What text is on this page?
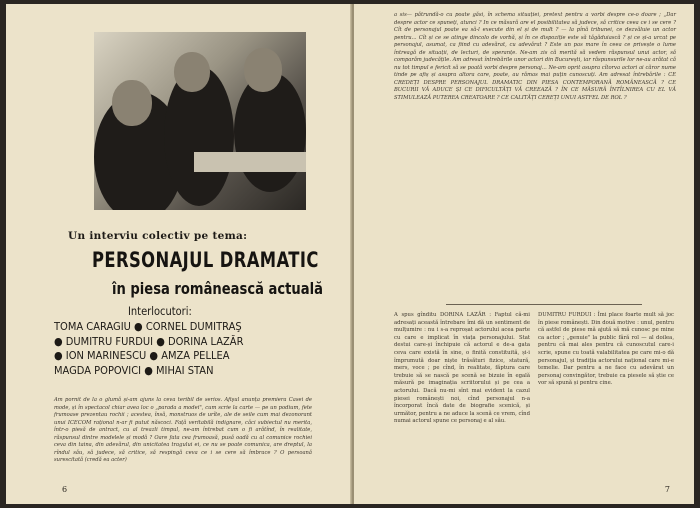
Un interviu colectiv pe tema:
PERSONAJUL DRAMATIC
în piesa românească actuală
Interlocutori:
TOMA CARAGIU ● CORNEL DUMITRAŞ
● DUMITRU FURDUI ● DORINA LAZĂR
● ION MARINESCU ● AMZA PELLEA
MAGDA POPOVICI ● MIHAI STAN
Am pornit de la o glumă și-am ajuns la ceva teribil de serios. Afişul anunța premiera Casei de mode, și în spectacol chiar avea loc o „parada a modei", cum scrie la carte — pe un podium, fete frumoase prezentau rochii ; acestea, însă, monstruos de urîte, ale de seile cum mai dezonorant unui ICECOM rațional n-ar fi putut născoci. Față veritabilă indignare, căci subiectul nu merita, într-o piesă de antract, cu al treazli timpul, ne-am întrebat cum o fi arătînd, în realitate, răspunsul dintre modelele și modă ? Oare fata cea frumoasă, pusă oadă cu al comunice rochiei ceva din taina, din adevărul, din unicitatea tragului ei, ce nu se poate comunica, are dreptul, la rîndul său, să judece, să critice, să respingă ceva ce i se cere să îmbrace ? O persoană surescitată (credă ea acter)
6
a sis— pătrundă-o cu poate găsi, în schema situației, pretext pentru a vorbi despre ce-o doare ; „Dar despre actor ce spuneți, atunci ? In ce măsură are el posibilitatea să judece, să critice ceea ce i se cere ? Cît de personajul poate ea să-l execute din el și de mult ? — la pînă tribunei, ce dezvăluie un actor pentru... Cît și ce se atinge dincolo de vorbă, și în ce dispoziție este să tăgăduiască ? și ce și-a urcat pe personajul, asumat, ca fiind cu adevărat, cu adevărat ? Este un pas mare în ceea ce privește o lume întreagă de situații, de lecturi, de speranțe. Ne-am zis că merită să vedem răspunsul unui actor, să comparăm judecățile. Am adresat întrebările unor actori din București, iar răspunsurile lor ne-au arătat că nu tot timpul e fericit să se poată vorbi despre personaj... Ne-am oprit asupra cîtorva actori ai căror nume tinde pe afiș și asupra altora care, poate, au rămas mai puțin cunoscuți. Am adresat întrebările : CE CREDEȚI DESPRE PERSONAJUL DRAMATIC DIN PIESA CONTEMPORANĂ ROMÂNEASCĂ ? CE BUCURII VĂ ADUCE ȘI CE DIFICULTĂȚI VĂ CREEAZĂ ? ÎN CE MĂSURĂ ÎNTÎLNIREA CU EL VĂ STIMULEAZĂ PUTEREA CREATOARE ? CE CALITĂȚI CEREȚI UNUI ASTFEL DE ROL ?
A spus gînditu DORINA LAZĂR : Faptul că-mi adresați această întrebare îmi dă un sentiment de mulțumire : nu i s-a reproșat actorului acea parte cu care e implicat în viața personajului. Stat destui care-și închipuie că actorul e de-a gata ceva care există în sine, o finită constituită, și-i împrumută doar niște trăsături fizice, statură, mers, voce ; pe cînd, în realitate, făptura care trebuie să se nască pe scenă se bizuie în egală măsură pe imaginația scriitorului și pe cea a actorului. Dacă nu-mi sînt mai evident la cazul piesei românești noi, cînd personajul n-a încorporat încă date de biografie scenică, și următor, pentru a ne aduce la scenă ce vrem, cînd numai actorul spune ce personaj e al său.
DUMITRU FURDUI : Îmi place foarte mult să joc în piese românești. Din două motive : unul, pentru că astfel de piese mă ajută să mă cunosc pe mine ca actor ; „genuie" la public fără rol — al doilea, pentru că mai ales pentru că cunoscutul care-i scrie, spune cu toată valabilitatea pe care mi-o dă personajul, și tradiția actorului național care mi-e temelie. Dar pentru a ne face cu adevărat un personaj convingător, trebuie ca piesele să știe ce vor să spună și pentru cine.
7
